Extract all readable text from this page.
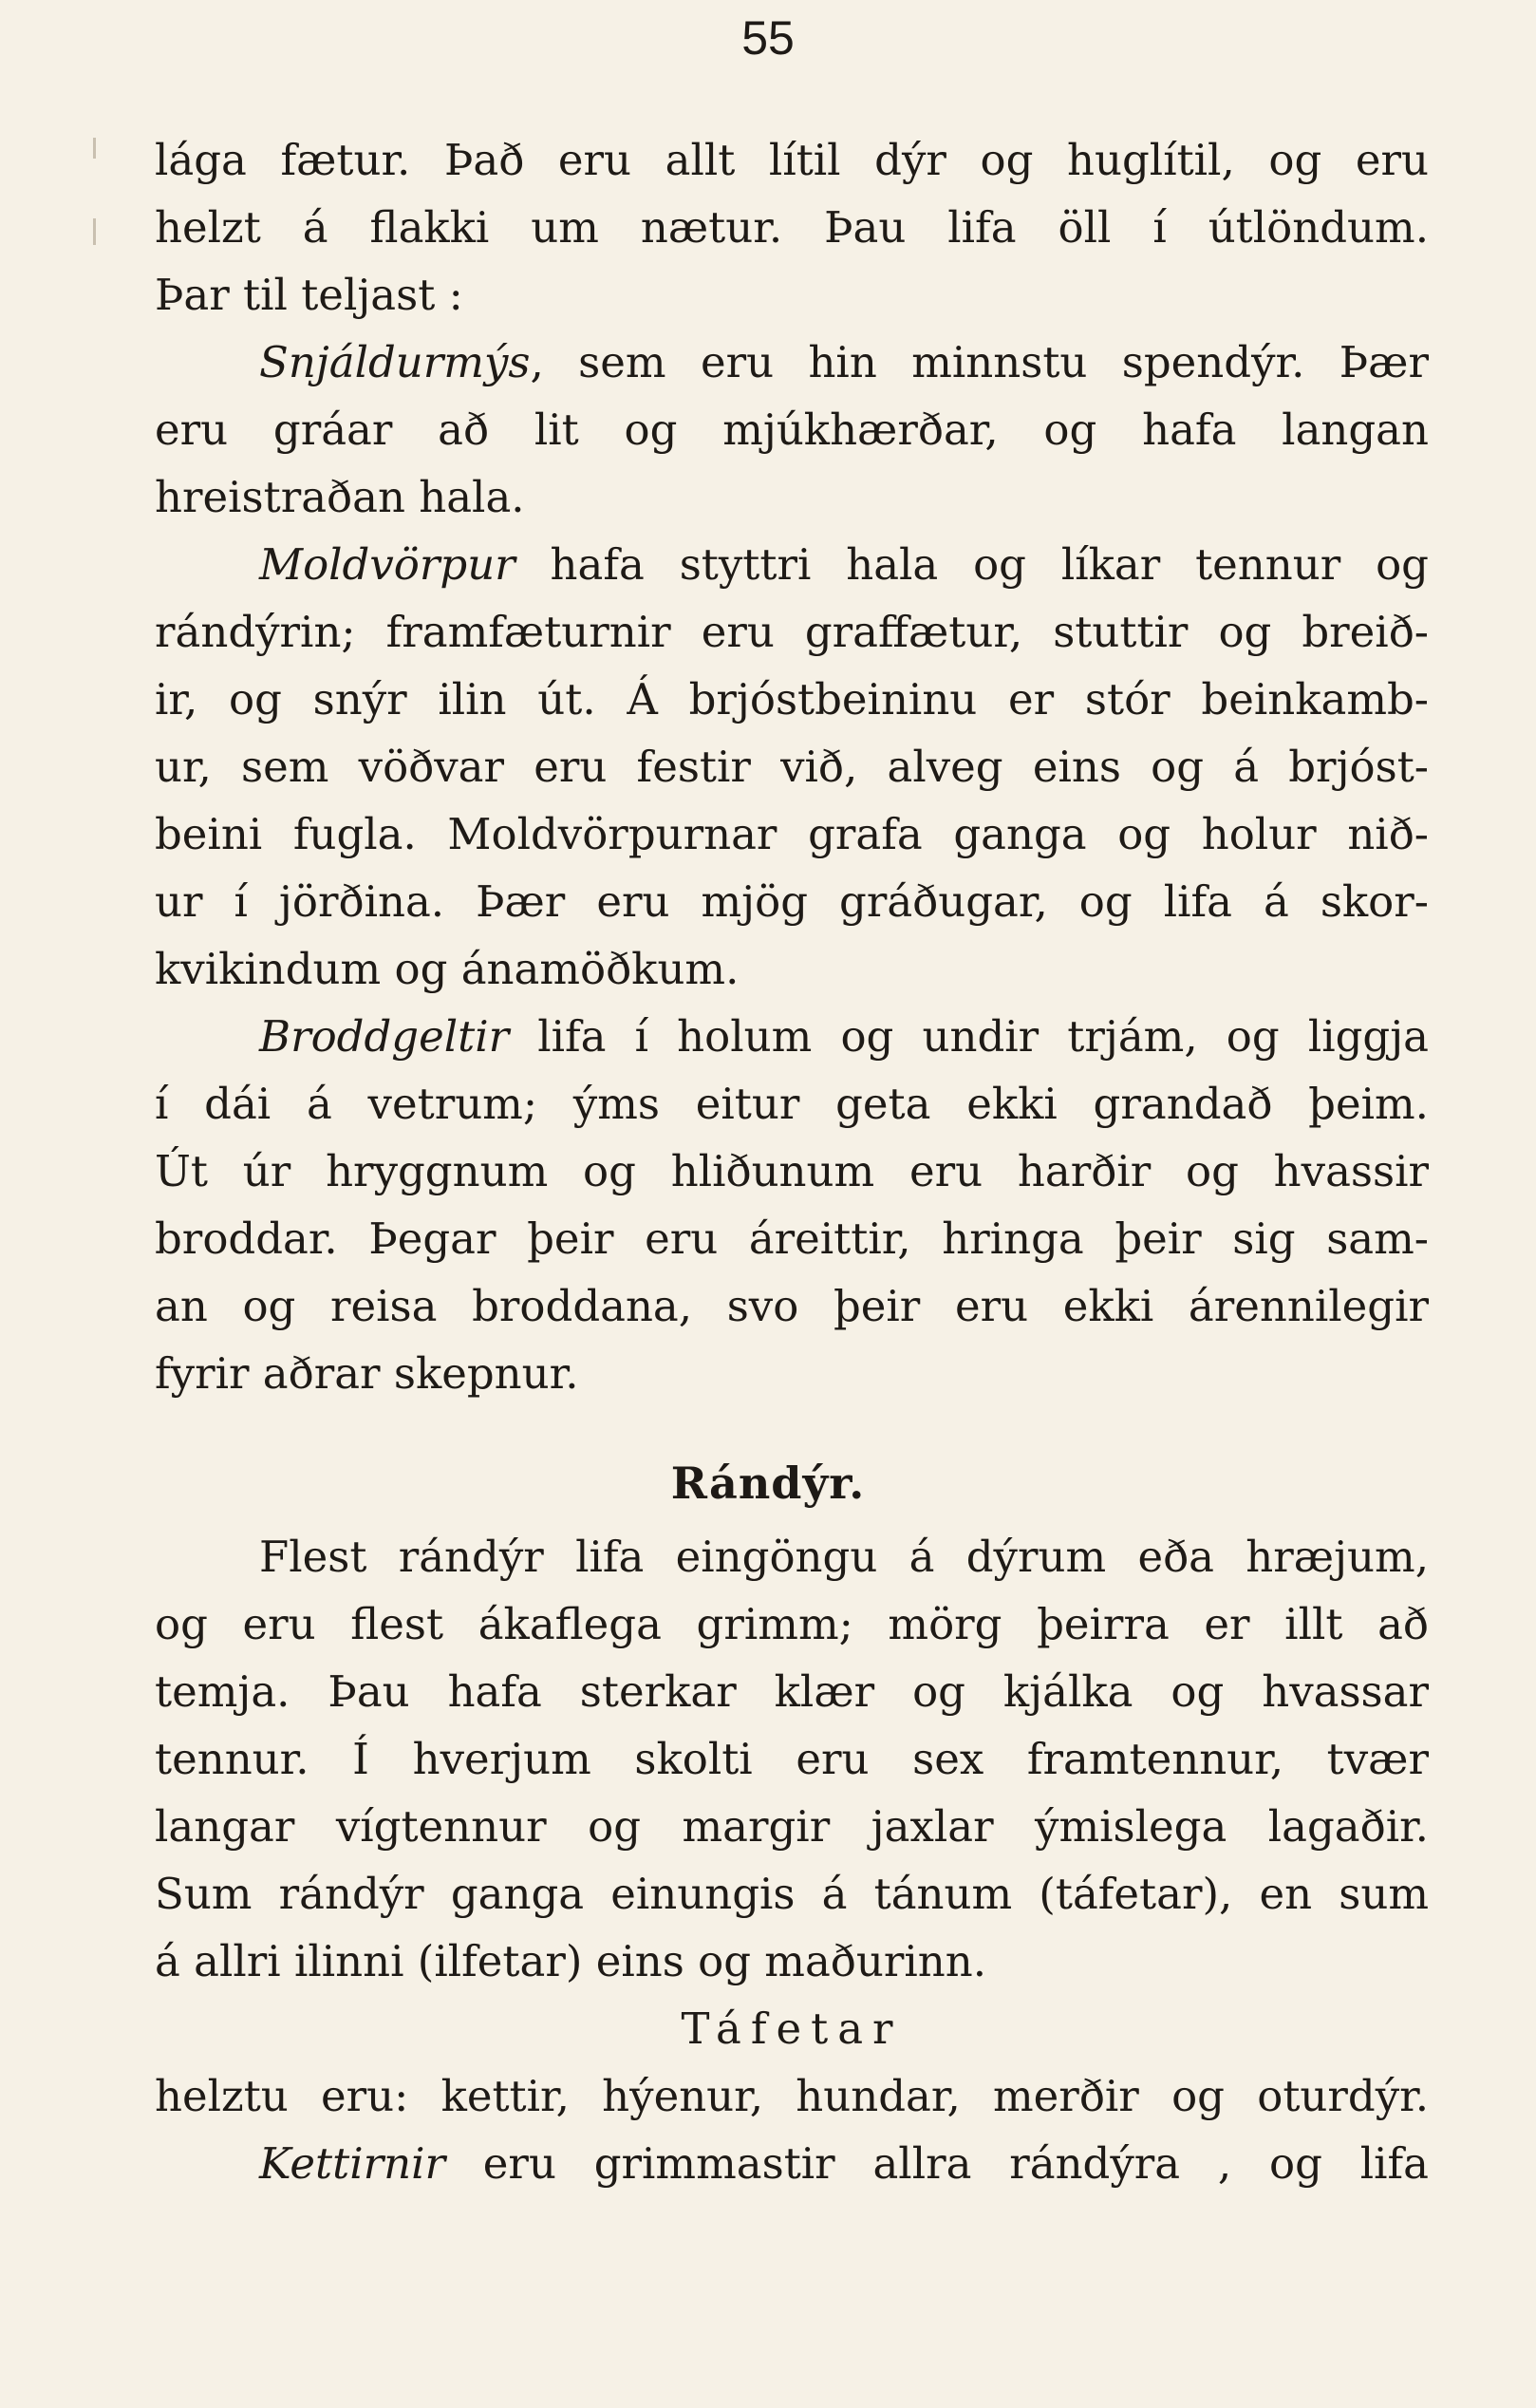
55
lága fætur. Það eru allt lítil dýr og huglítil, og eru
helzt á flakki um nætur. Þau lifa öll í útlöndum.
Þar til teljast :
Snjáldurmýs, sem eru hin minnstu spendýr. Þær
eru gráar að lit og mjúkhærðar, og hafa langan
hreistraðan hala.
Moldvörpur hafa styttri hala og líkar tennur og
rándýrin; framfæturnir eru graffætur, stuttir og breið-
ir, og snýr ilin út. Á brjóstbeininu er stór beinkamb-
ur, sem vöðvar eru festir við, alveg eins og á brjóst-
beini fugla. Moldvörpurnar grafa ganga og holur nið-
ur í jörðina. Þær eru mjög gráðugar, og lifa á skor-
kvikindum og ánamöðkum.
Broddgeltir lifa í holum og undir trjám, og liggja
í dái á vetrum; ýms eitur geta ekki grandað þeim.
Út úr hryggnum og hliðunum eru harðir og hvassir
broddar. Þegar þeir eru áreittir, hringa þeir sig sam-
an og reisa broddana, svo þeir eru ekki árennilegir
fyrir aðrar skepnur.
Rándýr.
Flest rándýr lifa eingöngu á dýrum eða hræjum,
og eru flest ákaflega grimm; mörg þeirra er illt að
temja. Þau hafa sterkar klær og kjálka og hvassar
tennur. Í hverjum skolti eru sex framtennur, tvær
langar vígtennur og margir jaxlar ýmislega lagaðir.
Sum rándýr ganga einungis á tánum (táfetar), en sum
á allri ilinni (ilfetar) eins og maðurinn.
Táfetar
helztu eru: kettir, hýenur, hundar, merðir og oturdýr.
Kettirnir eru grimmastir allra rándýra , og lifa
